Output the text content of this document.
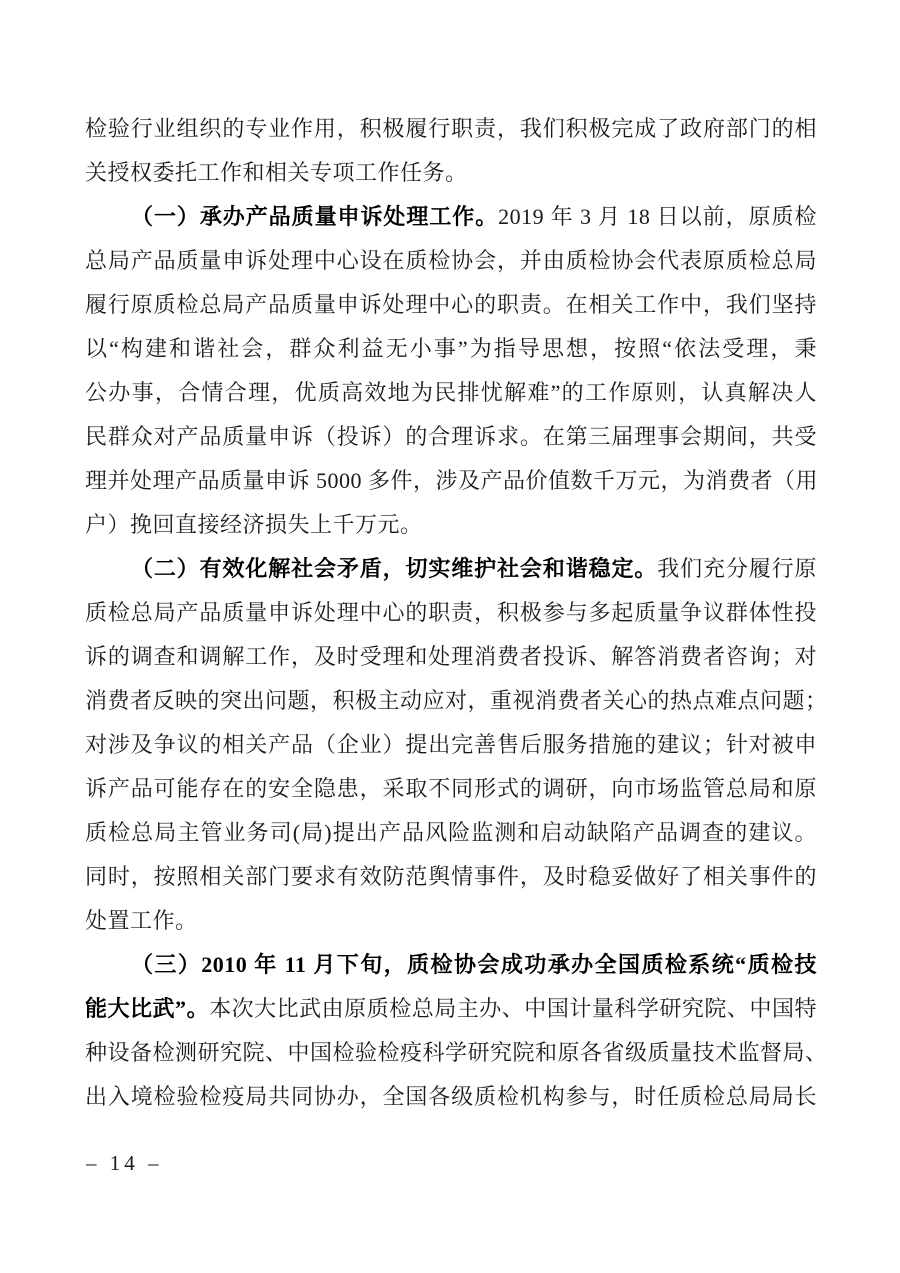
检验行业组织的专业作用，积极履行职责，我们积极完成了政府部门的相
关授权委托工作和相关专项工作任务。
（一）承办产品质量申诉处理工作。2019 年 3 月 18 日以前，原质检
总局产品质量申诉处理中心设在质检协会，并由质检协会代表原质检总局
履行原质检总局产品质量申诉处理中心的职责。在相关工作中，我们坚持
以“构建和谐社会，群众利益无小事”为指导思想，按照“依法受理，秉
公办事，合情合理，优质高效地为民排忧解难”的工作原则，认真解决人
民群众对产品质量申诉（投诉）的合理诉求。在第三届理事会期间，共受
理并处理产品质量申诉 5000 多件，涉及产品价值数千万元，为消费者（用
户）挽回直接经济损失上千万元。
（二）有效化解社会矛盾，切实维护社会和谐稳定。我们充分履行原
质检总局产品质量申诉处理中心的职责，积极参与多起质量争议群体性投
诉的调查和调解工作，及时受理和处理消费者投诉、解答消费者咨询；对
消费者反映的突出问题，积极主动应对，重视消费者关心的热点难点问题；
对涉及争议的相关产品（企业）提出完善售后服务措施的建议；针对被申
诉产品可能存在的安全隐患，采取不同形式的调研，向市场监管总局和原
质检总局主管业务司(局)提出产品风险监测和启动缺陷产品调查的建议。
同时，按照相关部门要求有效防范舆情事件，及时稳妥做好了相关事件的
处置工作。
（三）2010 年 11 月下旬，质检协会成功承办全国质检系统“质检技
能大比武”。本次大比武由原质检总局主办、中国计量科学研究院、中国特
种设备检测研究院、中国检验检疫科学研究院和原各省级质量技术监督局、
出入境检验检疫局共同协办，全国各级质检机构参与，时任质检总局局长
– 14 –
